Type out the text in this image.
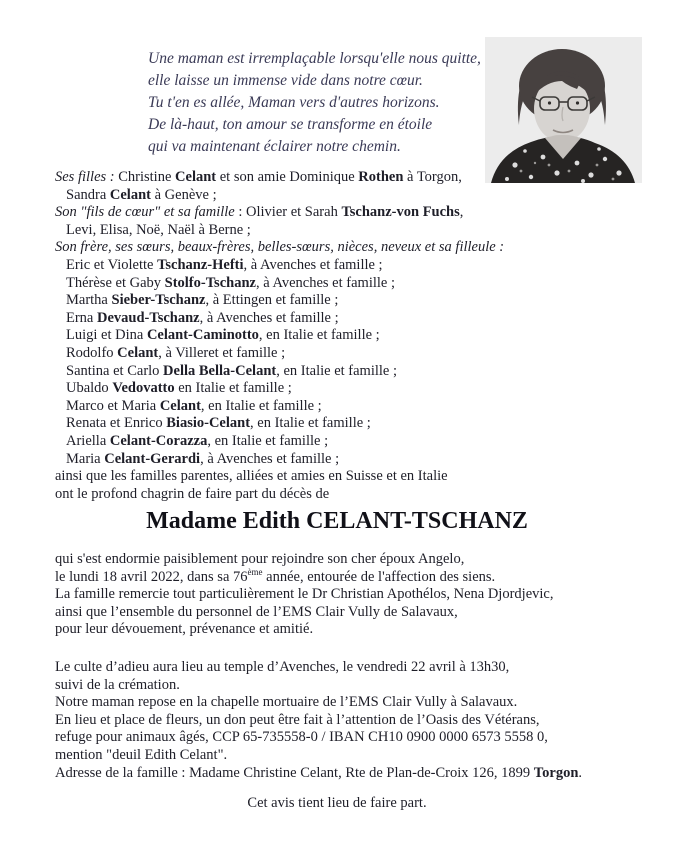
Une maman est irremplaçable lorsqu'elle nous quitte,
elle laisse un immense vide dans notre cœur.
Tu t'en es allée, Maman vers d'autres horizons.
De là-haut, ton amour se transforme en étoile
qui va maintenant éclairer notre chemin.
Ses filles : Christine Celant et son amie Dominique Rothen à Torgon,
Sandra Celant à Genève ;
Son "fils de cœur" et sa famille : Olivier et Sarah Tschanz-von Fuchs,
Levi, Elisa, Noë, Naël à Berne ;
Son frère, ses sœurs, beaux-frères, belles-sœurs, nièces, neveux et sa filleule :
Eric et Violette Tschanz-Hefti, à Avenches et famille ;
Thérèse et Gaby Stolfo-Tschanz, à Avenches et famille ;
Martha Sieber-Tschanz, à Ettingen et famille ;
Erna Devaud-Tschanz, à Avenches et famille ;
Luigi et Dina Celant-Caminotto, en Italie et famille ;
Rodolfo Celant, à Villeret et famille ;
Santina et Carlo Della Bella-Celant, en Italie et famille ;
Ubaldo Vedovatto en Italie et famille ;
Marco et Maria Celant, en Italie et famille ;
Renata et Enrico Biasio-Celant, en Italie et famille ;
Ariella Celant-Corazza, en Italie et famille ;
Maria Celant-Gerardi, à Avenches et famille ;
ainsi que les familles parentes, alliées et amies en Suisse et en Italie
ont le profond chagrin de faire part du décès de
Madame Edith CELANT-TSCHANZ
qui s'est endormie paisiblement pour rejoindre son cher époux Angelo,
le lundi 18 avril 2022, dans sa 76ème année, entourée de l'affection des siens.
La famille remercie tout particulièrement le Dr Christian Apothélos, Nena Djordjevic,
ainsi que l’ensemble du personnel de l’EMS Clair Vully de Salavaux,
pour leur dévouement, prévenance et amitié.
Le culte d’adieu aura lieu au temple d’Avenches, le vendredi 22 avril à 13h30,
suivi de la crémation.
Notre maman repose en la chapelle mortuaire de l’EMS Clair Vully à Salavaux.
En lieu et place de fleurs, un don peut être fait à l’attention de l’Oasis des Vétérans,
refuge pour animaux âgés, CCP 65-735558-0 / IBAN CH10 0900 0000 6573 5558 0,
mention "deuil Edith Celant".
Adresse de la famille : Madame Christine Celant, Rte de Plan-de-Croix 126, 1899 Torgon.
Cet avis tient lieu de faire part.
